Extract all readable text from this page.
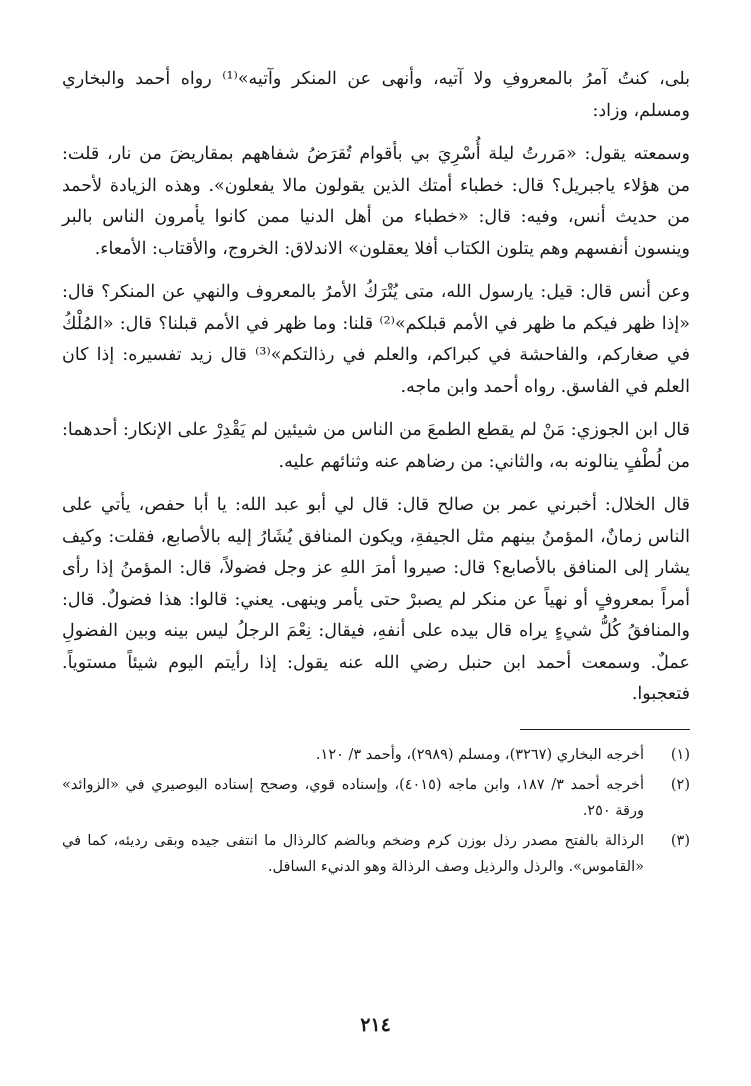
بلى، كنتُ آمرُ بالمعروفِ ولا آتيه، وأنهى عن المنكر وآتيه»⁽¹⁾ رواه أحمد والبخاري ومسلم، وزاد:

وسمعته يقول: «مَررتُ ليلة أُسْرِيَ بي بأقوام تُقرَضُ شفاههم بمقاريضَ من نار، قلت: من هؤلاء ياجبريل؟ قال: خطباء أمتك الذين يقولون مالا يفعلون». وهذه الزيادة لأحمد من حديث أنس، وفيه: قال: «خطباء من أهل الدنيا ممن كانوا يأمرون الناس بالبر وينسون أنفسهم وهم يتلون الكتاب أفلا يعقلون» الاندلاق: الخروج، والأقتاب: الأمعاء.

وعن أنس قال: قيل: يارسول الله، متى يُتْرَكُ الأمرُ بالمعروف والنهي عن المنكر؟ قال: «إذا ظهر فيكم ما ظهر في الأمم قبلكم»⁽²⁾ قلنا: وما ظهر في الأمم قبلنا؟ قال: «المُلْكُ في صغاركم، والفاحشة في كبراكم، والعلم في رذالتكم»⁽³⁾ قال زيد تفسيره: إذا كان العلم في الفاسق. رواه أحمد وابن ماجه.

قال ابن الجوزي: مَنْ لم يقطع الطمعَ من الناس من شيئين لم يَقْدِرْ على الإنكار: أحدهما: من لُطْفٍ ينالونه به، والثاني: من رضاهم عنه وثنائهم عليه.

قال الخلال: أخبرني عمر بن صالح قال: قال لي أبو عبد الله: يا أبا حفص، يأتي على الناس زمانٌ، المؤمنُ بينهم مثل الجيفةِ، ويكون المنافق يُشَارُ إليه بالأصابع، فقلت: وكيف يشار إلى المنافق بالأصابع؟ قال: صيروا أمرَ اللهِ عز وجل فضولاً، قال: المؤمنُ إذا رأى أمراً بمعروفٍ أو نهياً عن منكر لم يصبرْ حتى يأمر وينهى. يعني: قالوا: هذا فضولٌ. قال: والمنافقُ كُلُّ شيءٍ يراه قال بيده على أنفهِ، فيقال: نِعْمَ الرجلُ ليس بينه وبين الفضولِ عملٌ. وسمعت أحمد ابن حنبل رضي الله عنه يقول: إذا رأيتم اليوم شيئاً مستوياً. فتعجبوا.

(١)
أخرجه البخاري (٣٢٦٧)، ومسلم (٢٩٨٩)، وأحمد ٣/ ١٢٠.
(٢)
أخرجه أحمد ٣/ ١٨٧، وابن ماجه (٤٠١٥)، وإسناده قوي، وصحح إسناده البوصيري في «الزوائد» ورقة ٢٥٠.
(٣)
الرذالة بالفتح مصدر رذل بوزن كرم وضخم وبالضم كالرذال ما انتفى جيده وبقى رديئه، كما في «القاموس». والرذل والرذيل وصف الرذالة وهو الدنيء السافل.
٢١٤
